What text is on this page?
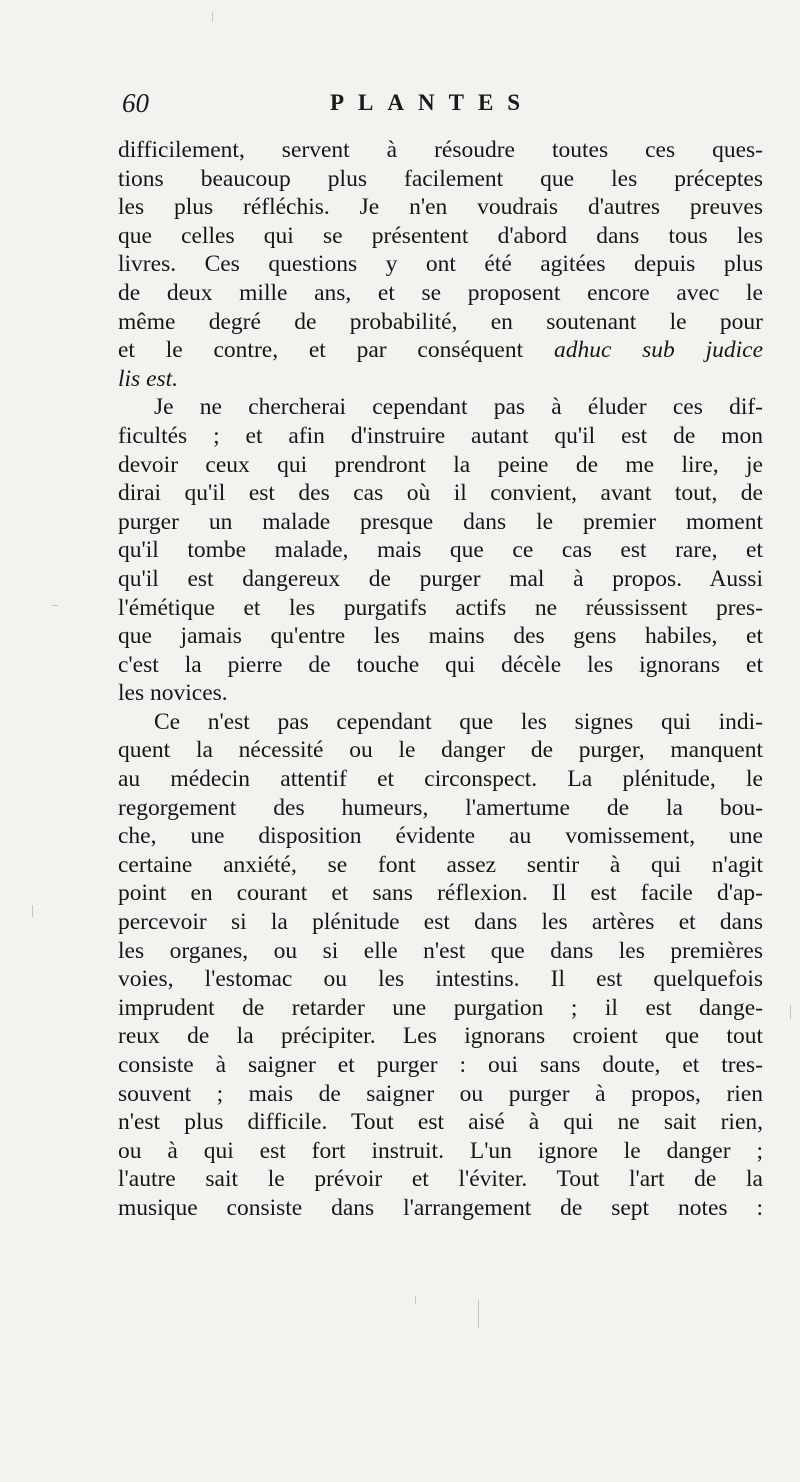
60	PLANTES
difficilement, servent à résoudre toutes ces ques-
tions beaucoup plus facilement que les préceptes
les plus réfléchis. Je n'en voudrais d'autres preuves
que celles qui se présentent d'abord dans tous les
livres. Ces questions y ont été agitées depuis plus
de deux mille ans, et se proposent encore avec le
même degré de probabilité, en soutenant le pour
et le contre, et par conséquent adhuc sub judice
lis est.
Je ne chercherai cependant pas à éluder ces dif-
ficultés ; et afin d'instruire autant qu'il est de mon
devoir ceux qui prendront la peine de me lire, je
dirai qu'il est des cas où il convient, avant tout, de
purger un malade presque dans le premier moment
qu'il tombe malade, mais que ce cas est rare, et
qu'il est dangereux de purger mal à propos. Aussi
l'émétique et les purgatifs actifs ne réussissent pres-
que jamais qu'entre les mains des gens habiles, et
c'est la pierre de touche qui décèle les ignorans et
les novices.
Ce n'est pas cependant que les signes qui indi-
quent la nécessité ou le danger de purger, manquent
au médecin attentif et circonspect. La plénitude, le
regorgement des humeurs, l'amertume de la bou-
che, une disposition évidente au vomissement, une
certaine anxiété, se font assez sentir à qui n'agit
point en courant et sans réflexion. Il est facile d'ap-
percevoir si la plénitude est dans les artères et dans
les organes, ou si elle n'est que dans les premières
voies, l'estomac ou les intestins. Il est quelquefois
imprudent de retarder une purgation ; il est dange-
reux de la précipiter. Les ignorans croient que tout
consiste à saigner et purger : oui sans doute, et tres-
souvent ; mais de saigner ou purger à propos, rien
n'est plus difficile. Tout est aisé à qui ne sait rien,
ou à qui est fort instruit. L'un ignore le danger ;
l'autre sait le prévoir et l'éviter. Tout l'art de la
musique consiste dans l'arrangement de sept notes :
